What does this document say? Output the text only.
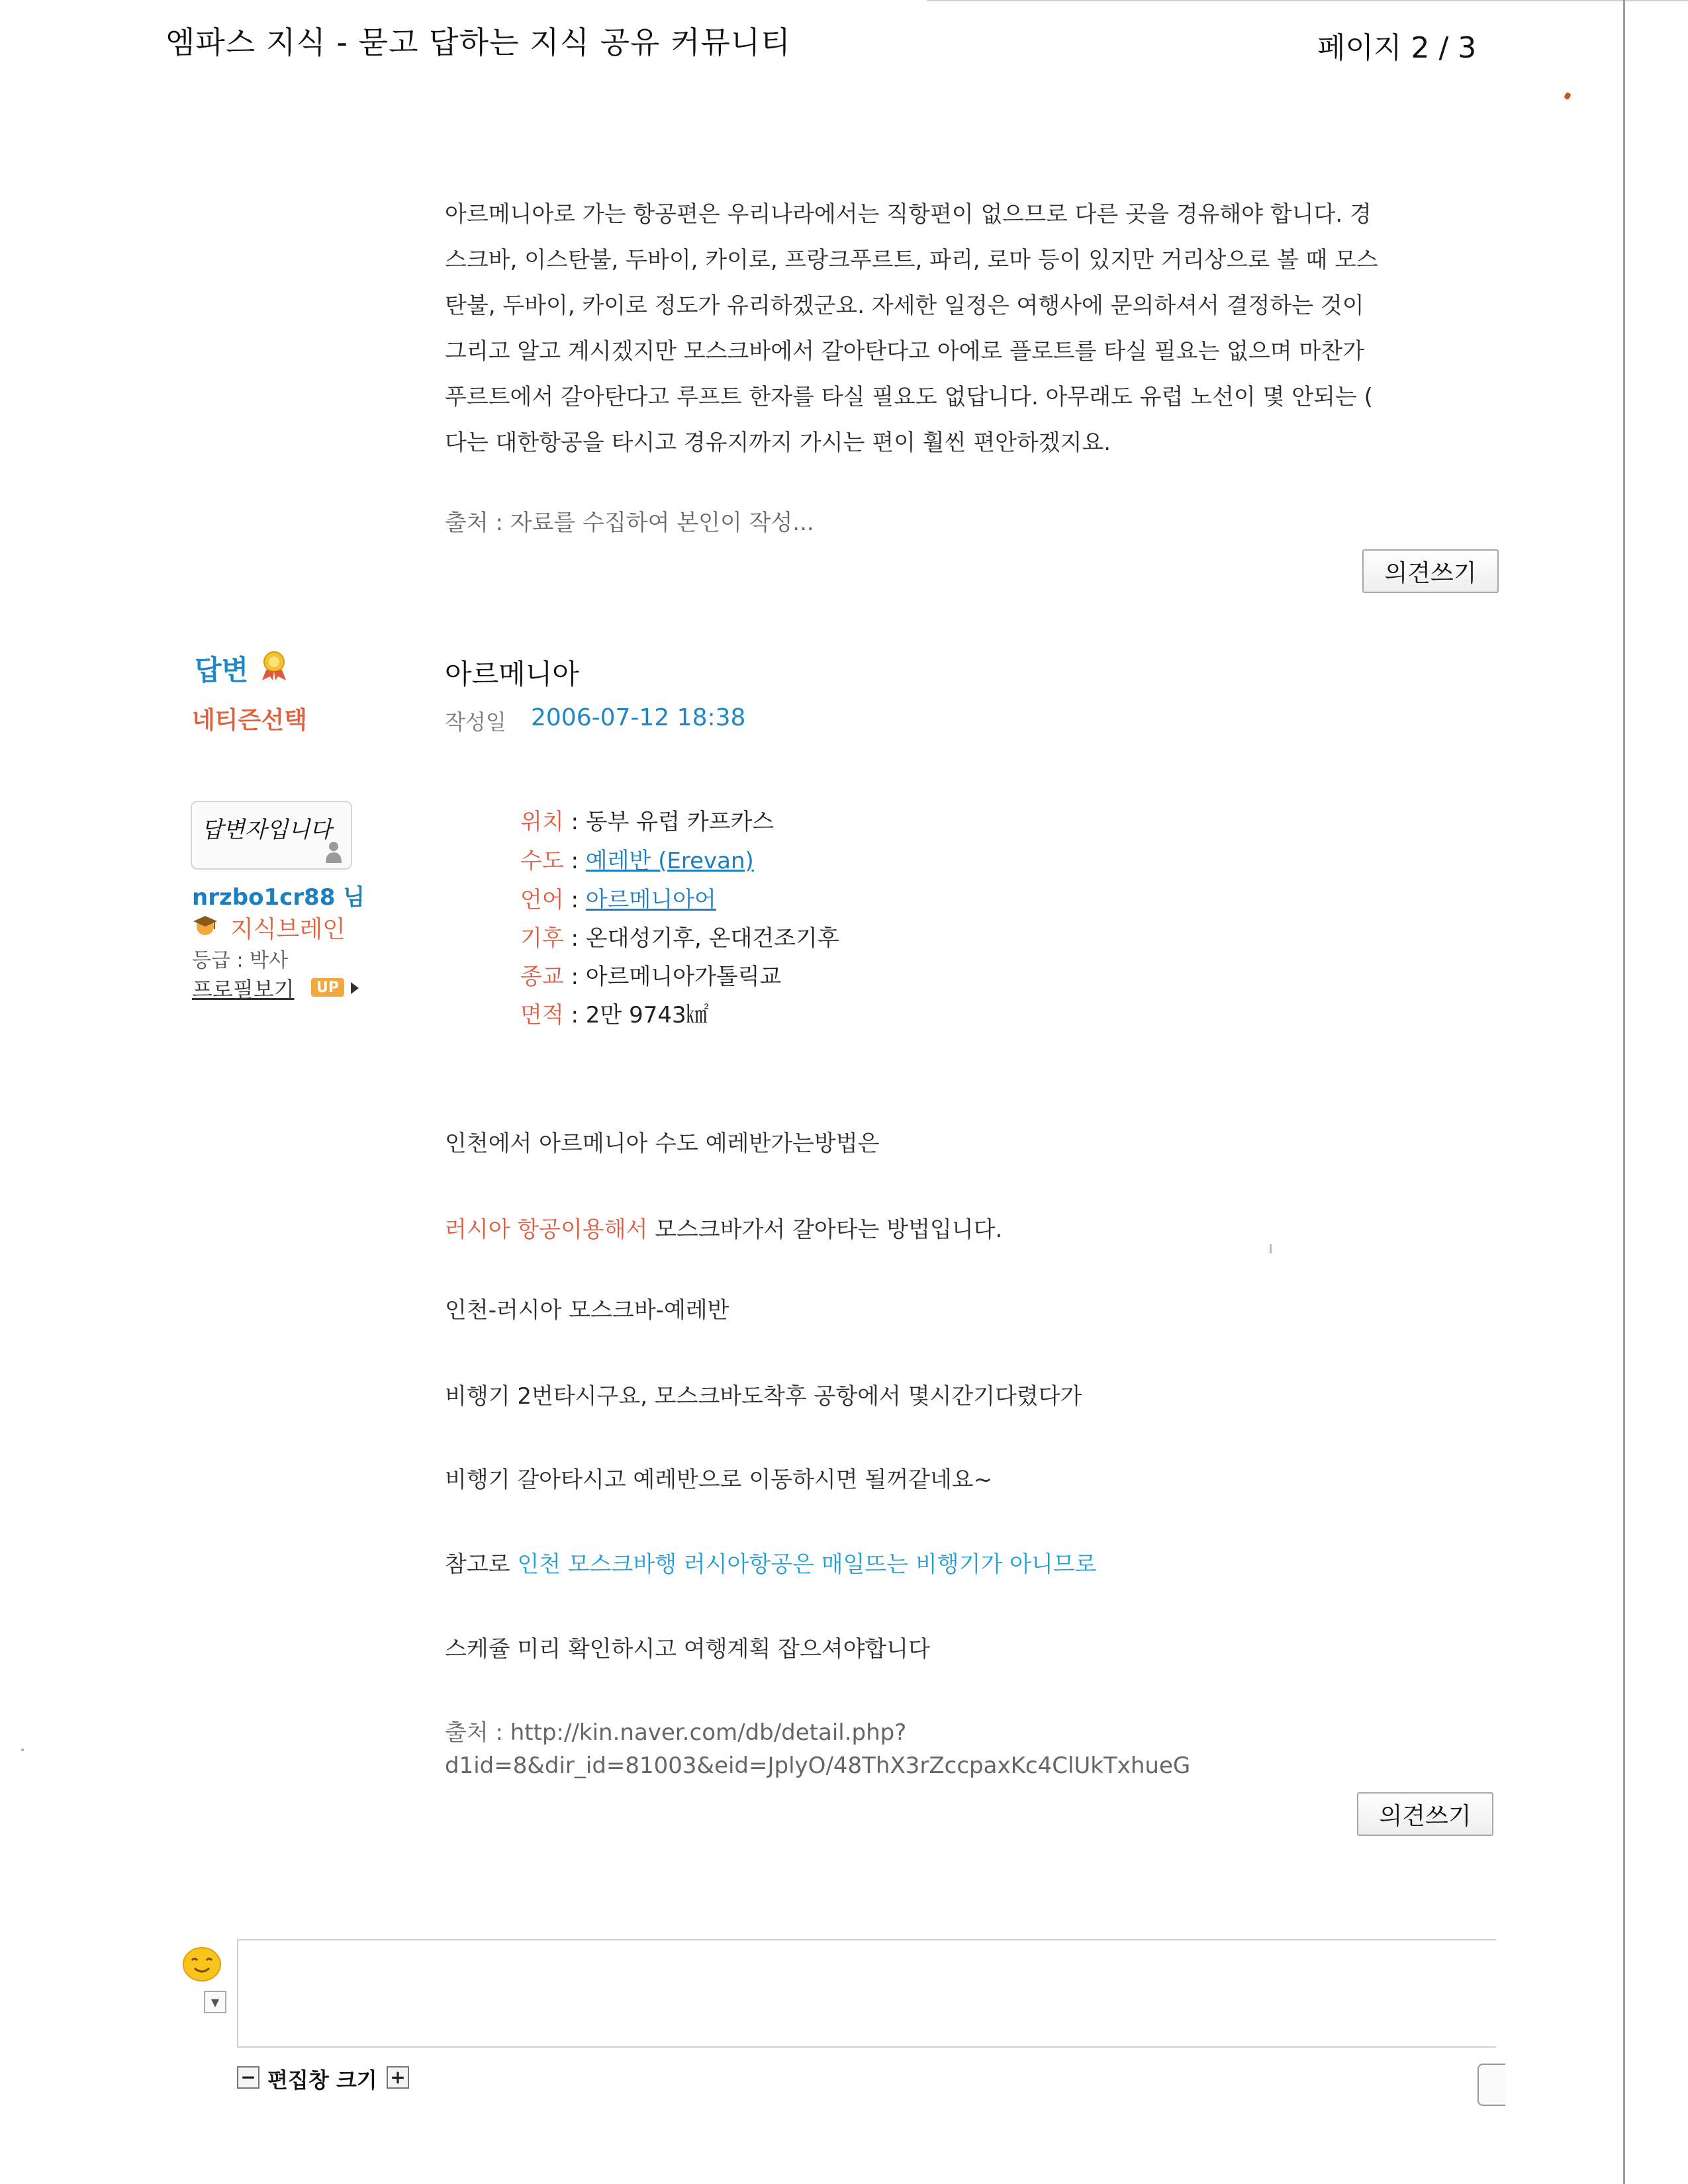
엠파스 지식 - 묻고 답하는 지식 공유 커뮤니티	페이지 2 / 3
아르메니아로 가는 항공편은 우리나라에서는 직항편이 없으므로 다른 곳을 경유해야 합니다. 경
스크바, 이스탄불, 두바이, 카이로, 프랑크푸르트, 파리, 로마 등이 있지만 거리상으로 볼 때 모스
탄불, 두바이, 카이로 정도가 유리하겠군요. 자세한 일정은 여행사에 문의하셔서 결정하는 것이
그리고 알고 계시겠지만 모스크바에서 갈아탄다고 아에로 플로트를 타실 필요는 없으며 마찬가
푸르트에서 갈아탄다고 루프트 한자를 타실 필요도 없답니다. 아무래도 유럽 노선이 몇 안되는 (
다는 대한항공을 타시고 경유지까지 가시는 편이 훨씬 편안하겠지요.
출처 : 자료를 수집하여 본인이 작성...
의견쓰기
답변
네티즌선택
답변자입니다
nrzbo1cr88 님
지식브레인
등급 : 박사
프로필보기	UP
아르메니아
작성일 2006-07-12 18:38
위치 : 동부 유럽 카프카스
수도 : 예레반 (Erevan)
언어 : 아르메니아어
기후 : 온대성기후, 온대건조기후
종교 : 아르메니아가톨릭교
면적 : 2만 9743㎢
인천에서 아르메니아 수도 예레반가는방법은
러시아 항공이용해서 모스크바가서 갈아타는 방법입니다.
인천-러시아 모스크바-예레반
비행기 2번타시구요, 모스크바도착후 공항에서 몇시간기다렸다가
비행기 갈아타시고 예레반으로 이동하시면 될꺼같네요~
참고로 인천 모스크바행 러시아항공은 매일뜨는 비행기가 아니므로
스케쥴 미리 확인하시고 여행계획 잡으셔야합니다
출처 : http://kin.naver.com/db/detail.php?
d1id=8&dir_id=81003&eid=JplyO/48ThX3rZccpaxKc4ClUkTxhueG
의견쓰기
▼
− 편집창 크기 +
